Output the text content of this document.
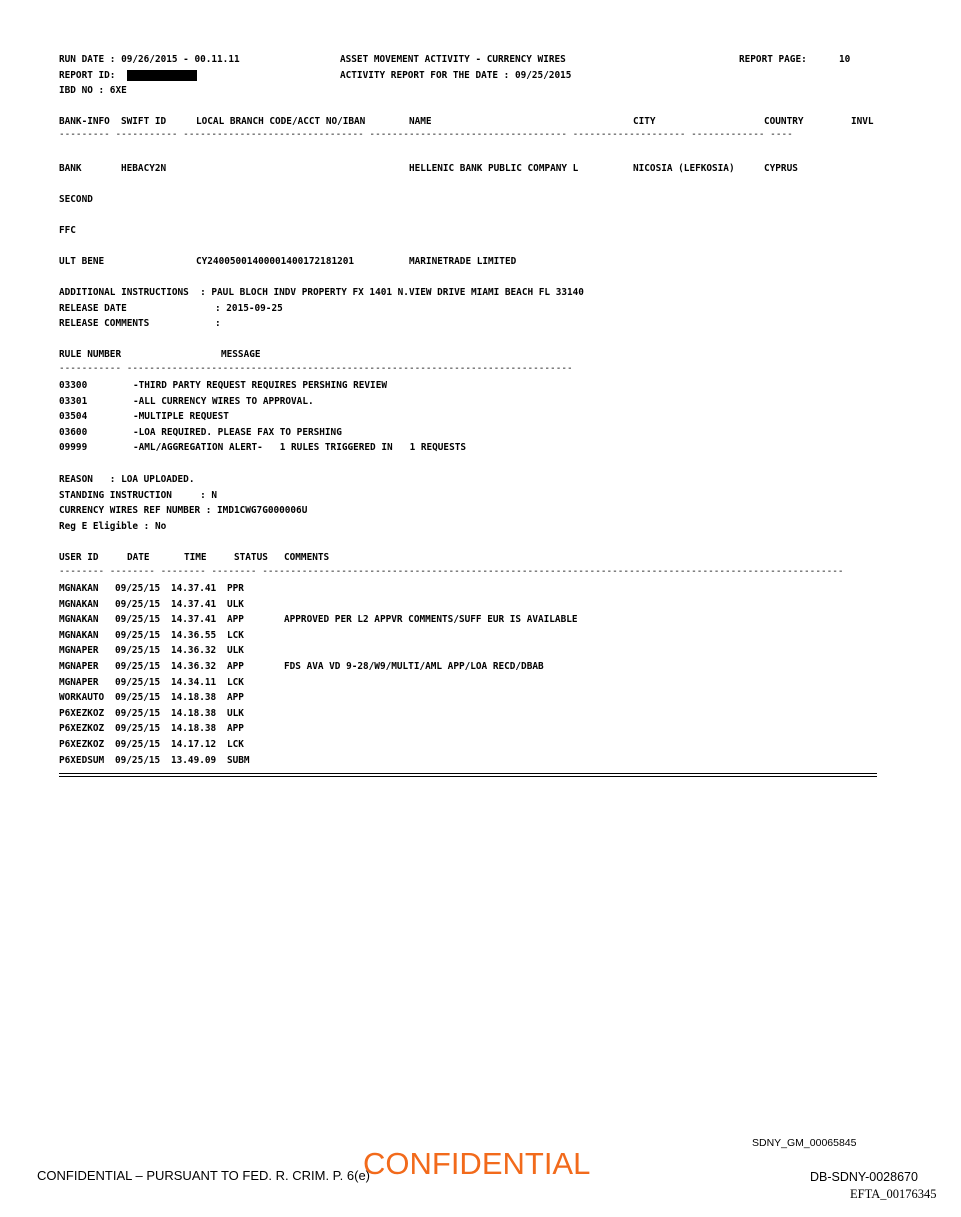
RUN DATE : 09/26/2015 - 00.11.11	ASSET MOVEMENT ACTIVITY - CURRENCY WIRES	REPORT PAGE:	10
REPORT ID:	ACTIVITY REPORT FOR THE DATE : 09/25/2015
IBD NO : 6XE
BANK-INFO SWIFT ID	LOCAL BRANCH CODE/ACCT NO/IBAN	NAME	CITY	COUNTRY	INVL
--------- ----------- -------------------------------- ----------------------------------- -------------------- ------------- ----
BANK	HEBACY2N	HELLENIC BANK PUBLIC COMPANY L	NICOSIA (LEFKOSIA)	CYPRUS
SECOND
FFC
ULT BENE	CY24005001400001400172181201	MARINETRADE LIMITED
ADDITIONAL INSTRUCTIONS  : PAUL BLOCH INDV PROPERTY FX 1401 N.VIEW DRIVE MIAMI BEACH FL 33140
RELEASE DATE	: 2015-09-25
RELEASE COMMENTS	:
RULE NUMBER	MESSAGE
----------- -------------------------------------------------------------------------------
03300	-THIRD PARTY REQUEST REQUIRES PERSHING REVIEW
03301	-ALL CURRENCY WIRES TO APPROVAL.
03504	-MULTIPLE REQUEST
03600	-LOA REQUIRED. PLEASE FAX TO PERSHING
09999	-AML/AGGREGATION ALERT-   1 RULES TRIGGERED IN   1 REQUESTS
REASON   : LOA UPLOADED.
STANDING INSTRUCTION     : N
CURRENCY WIRES REF NUMBER : IMD1CWG7G000006U
Reg E Eligible : No
USER ID	DATE	TIME	STATUS COMMENTS
-------- -------- -------- -------- -------------------------------------------------------------------------------------------------------
MGNAKAN 09/25/15 14.37.41 PPR
MGNAKAN 09/25/15 14.37.41 ULK
MGNAKAN 09/25/15 14.37.41 APP	APPROVED PER L2 APPVR COMMENTS/SUFF EUR IS AVAILABLE
MGNAKAN 09/25/15 14.36.55 LCK
MGNAPER 09/25/15 14.36.32 ULK
MGNAPER 09/25/15 14.36.32 APP	FDS AVA VD 9-28/W9/MULTI/AML APP/LOA RECD/DBAB
MGNAPER 09/25/15 14.34.11 LCK
WORKAUTO 09/25/15 14.18.38 APP
P6XEZKOZ 09/25/15 14.18.38 ULK
P6XEZKOZ 09/25/15 14.18.38 APP
P6XEZKOZ 09/25/15 14.17.12 LCK
P6XEDSUM 09/25/15 13.49.09 SUBM
SDNY_GM_00065845
CONFIDENTIAL – PURSUANT TO FED. R. CRIM. P. 6(e)
CONFIDENTIAL	DB-SDNY-0028670
EFTA_00176345
